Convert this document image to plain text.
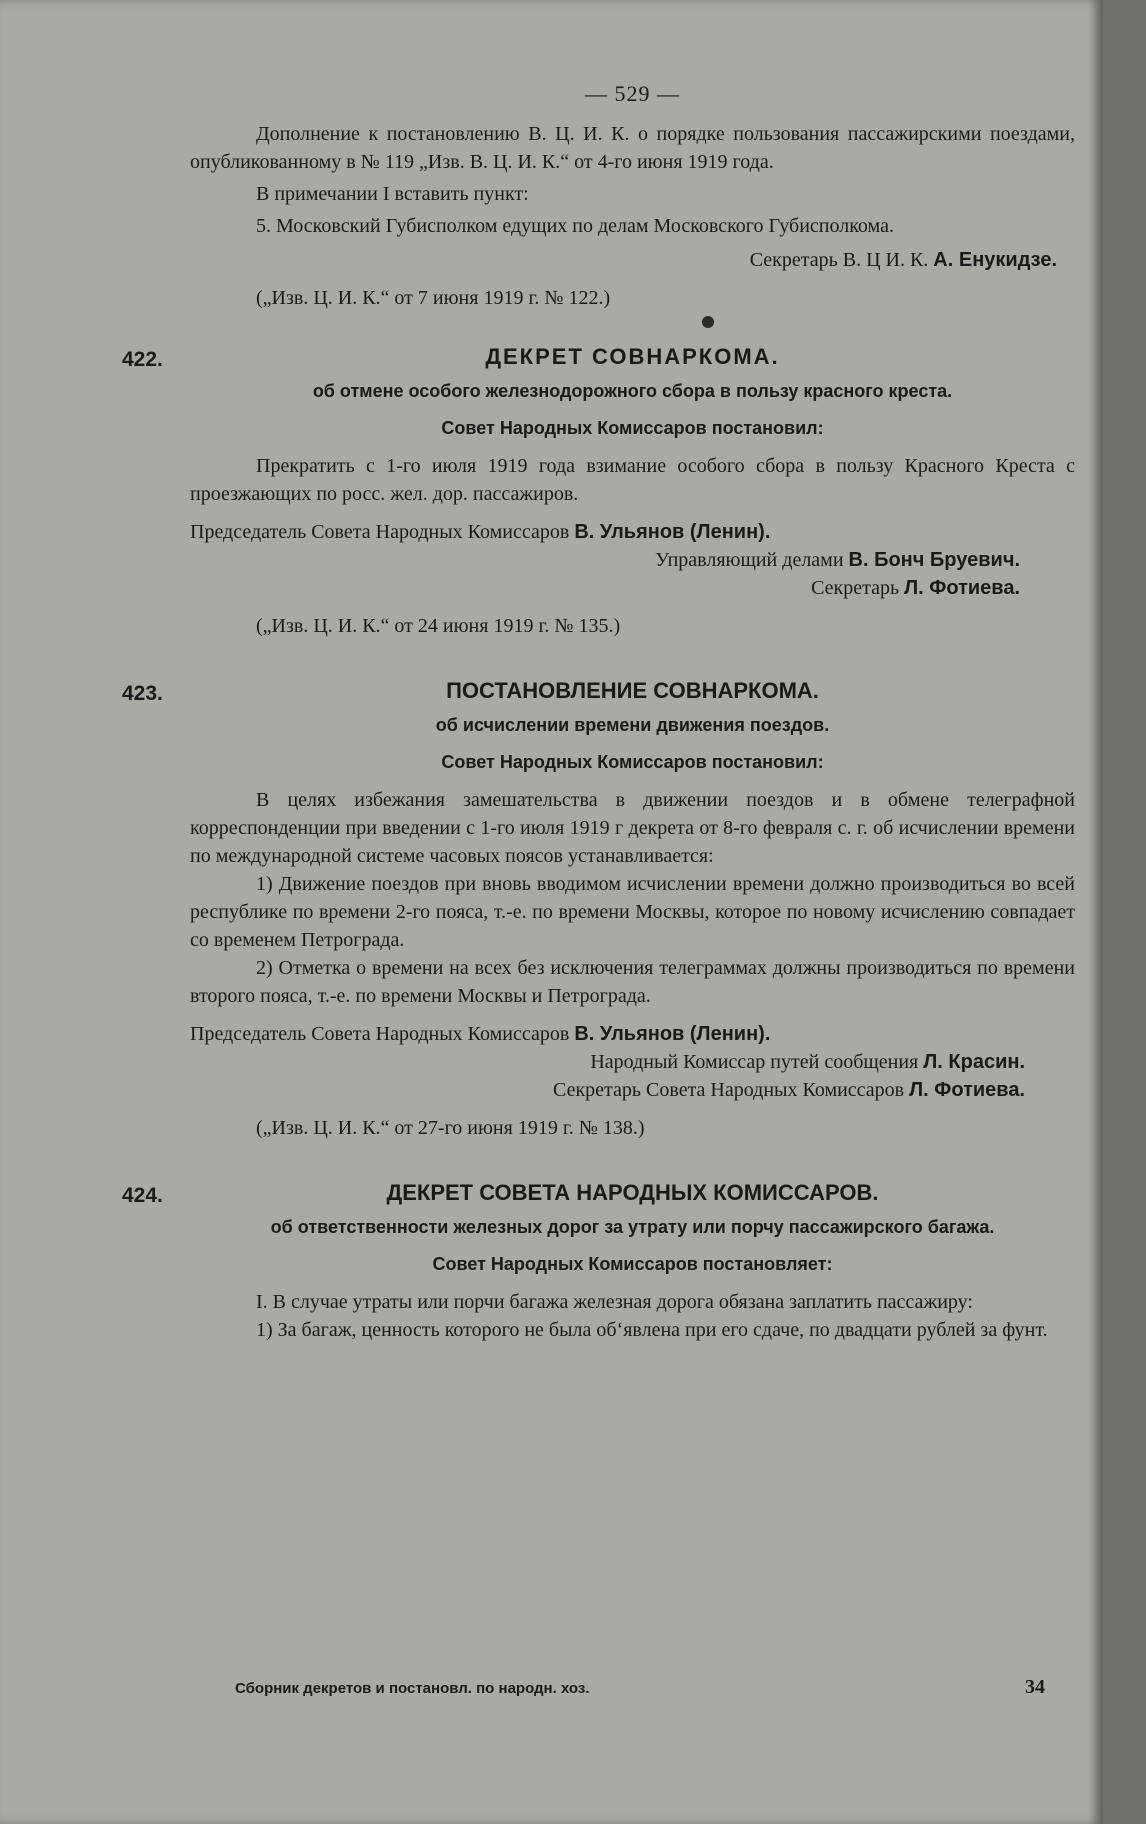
— 529 —

Дополнение к постановлению В. Ц. И. К. о порядке пользования пассажирскими поездами, опубликованному в № 119 „Изв. В. Ц. И. К.“ от 4-го июня 1919 года.

В примечании I вставить пункт:

5. Московский Губисполком едущих по делам Московского Губисполкома.

Секретарь В. Ц И. К. А. Енукидзе.

(„Изв. Ц. И. К.“ от 7 июня 1919 г. № 122.)

422.	ДЕКРЕТ СОВНАРКОМА.
об отмене особого железнодорожного сбора в пользу красного креста.
Совет Народных Комиссаров постановил:

Прекратить с 1-го июля 1919 года взимание особого сбора в пользу Красного Креста с проезжающих по росс. жел. дор. пассажиров.

Председатель Совета Народных Комиссаров В. Ульянов (Ленин).
Управляющий делами В. Бонч Бруевич.
Секретарь Л. Фотиева.

(„Изв. Ц. И. К.“ от 24 июня 1919 г. № 135.)

423.	ПОСТАНОВЛЕНИЕ СОВНАРКОМА.
об исчислении времени движения поездов.
Совет Народных Комиссаров постановил:

В целях избежания замешательства в движении поездов и в обмене телеграфной корреспонденции при введении с 1-го июля 1919 г декрета от 8-го февраля с. г. об исчислении времени по международной системе часовых поясов устанавливается:

1) Движение поездов при вновь вводимом исчислении времени должно производиться во всей республике по времени 2-го пояса, т.-е. по времени Москвы, которое по новому исчислению совпадает со временем Петрограда.

2) Отметка о времени на всех без исключения телеграммах должны производиться по времени второго пояса, т.-е. по времени Москвы и Петрограда.

Председатель Совета Народных Комиссаров В. Ульянов (Ленин).
Народный Комиссар путей сообщения Л. Красин.
Секретарь Совета Народных Комиссаров Л. Фотиева.

(„Изв. Ц. И. К.“ от 27-го июня 1919 г. № 138.)

424.	ДЕКРЕТ СОВЕТА НАРОДНЫХ КОМИССАРОВ.
об ответственности железных дорог за утрату или порчу пассажирского багажа.
Совет Народных Комиссаров постановляет:

I. В случае утраты или порчи багажа железная дорога обязана заплатить пассажиру:

1) За багаж, ценность которого не была об‘явлена при его сдаче, по двадцати рублей за фунт.

Сборник декретов и постановл. по народн. хоз.	34
